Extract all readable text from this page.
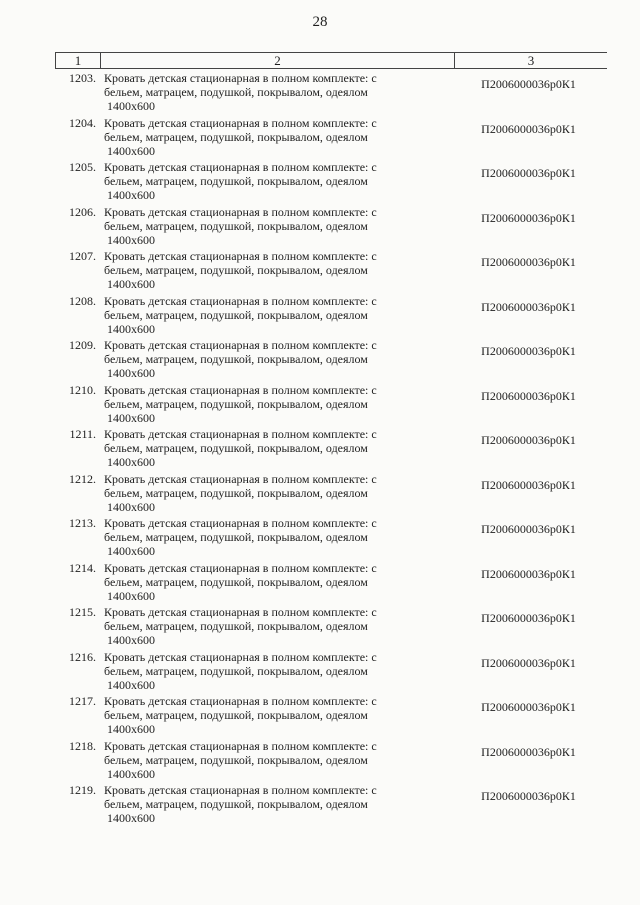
28
1	2	3
1203. Кровать детская стационарная в полном комплекте: с
бельем, матрацем, подушкой, покрывалом, одеялом
1400х600
П2006000036р0К1
1204. Кровать детская стационарная в полном комплекте: с
бельем, матрацем, подушкой, покрывалом, одеялом
1400х600
П2006000036р0К1
1205. Кровать детская стационарная в полном комплекте: с
бельем, матрацем, подушкой, покрывалом, одеялом
1400х600
П2006000036р0К1
1206. Кровать детская стационарная в полном комплекте: с
бельем, матрацем, подушкой, покрывалом, одеялом
1400х600
П2006000036р0К1
1207. Кровать детская стационарная в полном комплекте: с
бельем, матрацем, подушкой, покрывалом, одеялом
1400х600
П2006000036р0К1
1208. Кровать детская стационарная в полном комплекте: с
бельем, матрацем, подушкой, покрывалом, одеялом
1400х600
П2006000036р0К1
1209. Кровать детская стационарная в полном комплекте: с
бельем, матрацем, подушкой, покрывалом, одеялом
1400х600
П2006000036р0К1
1210. Кровать детская стационарная в полном комплекте: с
бельем, матрацем, подушкой, покрывалом, одеялом
1400х600
П2006000036р0К1
1211. Кровать детская стационарная в полном комплекте: с
бельем, матрацем, подушкой, покрывалом, одеялом
1400х600
П2006000036р0К1
1212. Кровать детская стационарная в полном комплекте: с
бельем, матрацем, подушкой, покрывалом, одеялом
1400х600
П2006000036р0К1
1213. Кровать детская стационарная в полном комплекте: с
бельем, матрацем, подушкой, покрывалом, одеялом
1400х600
П2006000036р0К1
1214. Кровать детская стационарная в полном комплекте: с
бельем, матрацем, подушкой, покрывалом, одеялом
1400х600
П2006000036р0К1
1215. Кровать детская стационарная в полном комплекте: с
бельем, матрацем, подушкой, покрывалом, одеялом
1400х600
П2006000036р0К1
1216. Кровать детская стационарная в полном комплекте: с
бельем, матрацем, подушкой, покрывалом, одеялом
1400х600
П2006000036р0К1
1217. Кровать детская стационарная в полном комплекте: с
бельем, матрацем, подушкой, покрывалом, одеялом
1400х600
П2006000036р0К1
1218. Кровать детская стационарная в полном комплекте: с
бельем, матрацем, подушкой, покрывалом, одеялом
1400х600
П2006000036р0К1
1219. Кровать детская стационарная в полном комплекте: с
бельем, матрацем, подушкой, покрывалом, одеялом
1400х600
П2006000036р0К1
